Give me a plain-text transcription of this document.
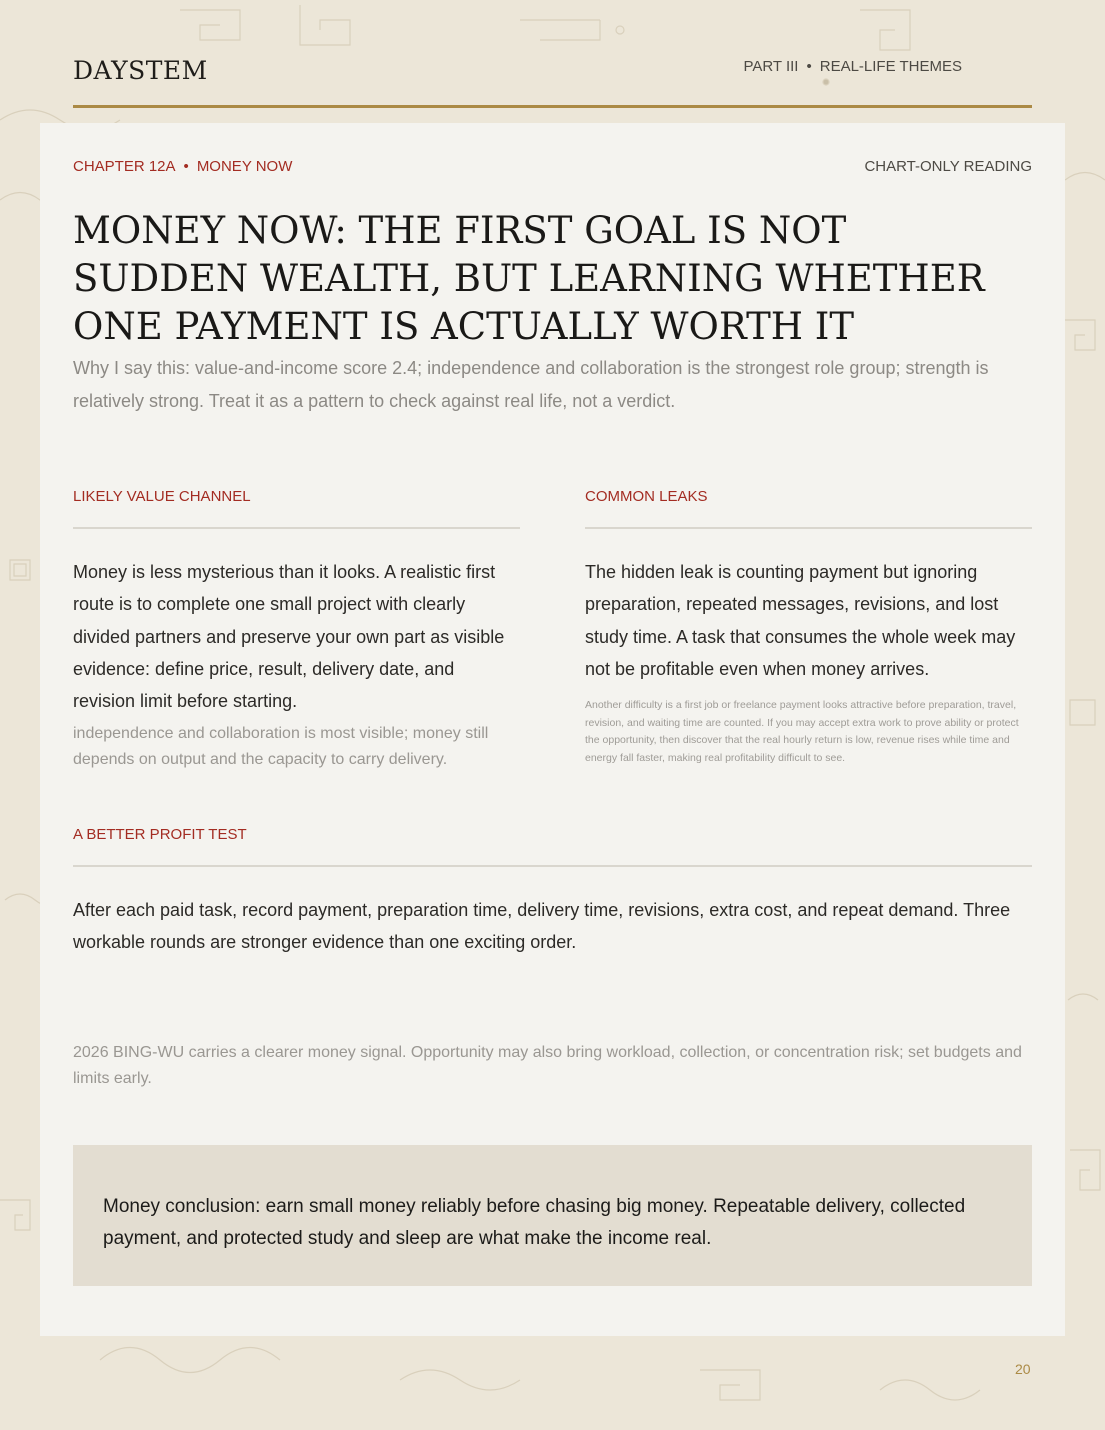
DAYSTEM	PART III • REAL-LIFE THEMES
CHAPTER 12A • MONEY NOW	CHART-ONLY READING
MONEY NOW: THE FIRST GOAL IS NOT SUDDEN WEALTH, BUT LEARNING WHETHER ONE PAYMENT IS ACTUALLY WORTH IT

Why I say this: value-and-income score 2.4; independence and collaboration is the strongest role group; strength is relatively strong. Treat it as a pattern to check against real life, not a verdict.

LIKELY VALUE CHANNEL

Money is less mysterious than it looks. A realistic first route is to complete one small project with clearly divided partners and preserve your own part as visible evidence: define price, result, delivery date, and revision limit before starting.

independence and collaboration is most visible; money still depends on output and the capacity to carry delivery.

COMMON LEAKS

The hidden leak is counting payment but ignoring preparation, repeated messages, revisions, and lost study time. A task that consumes the whole week may not be profitable even when money arrives.

Another difficulty is a first job or freelance payment looks attractive before preparation, travel, revision, and waiting time are counted. If you may accept extra work to prove ability or protect the opportunity, then discover that the real hourly return is low, revenue rises while time and energy fall faster, making real profitability difficult to see.

A BETTER PROFIT TEST

After each paid task, record payment, preparation time, delivery time, revisions, extra cost, and repeat demand. Three workable rounds are stronger evidence than one exciting order.

2026 BING-WU carries a clearer money signal. Opportunity may also bring workload, collection, or concentration risk; set budgets and limits early.

Money conclusion: earn small money reliably before chasing big money. Repeatable delivery, collected payment, and protected study and sleep are what make the income real.

20
